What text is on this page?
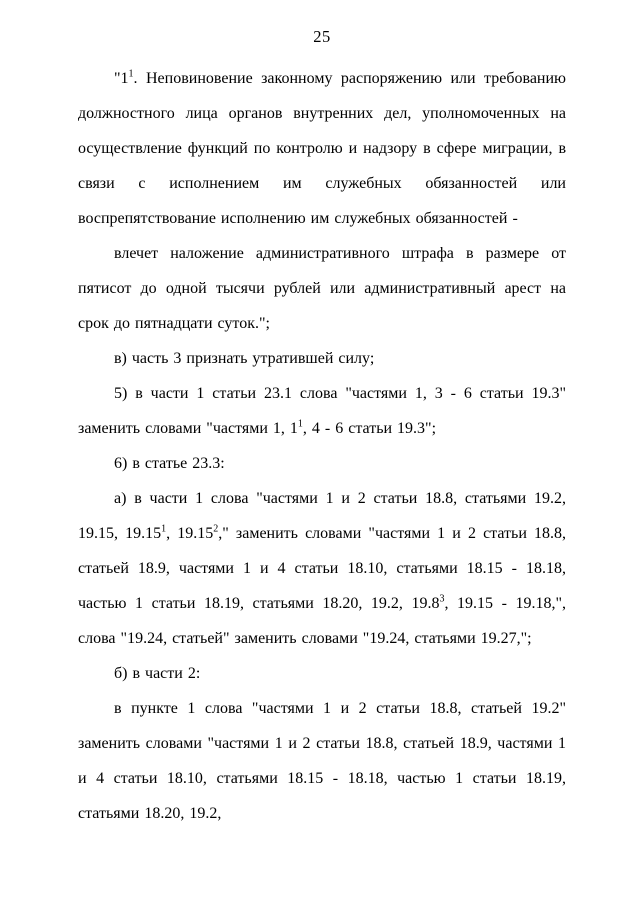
25

"$1^1$. Неповиновение законному распоряжению или требованию должностного лица органов внутренних дел, уполномоченных на осуществление функций по контролю и надзору в сфере миграции, в связи с исполнением им служебных обязанностей или воспрепятствование исполнению им служебных обязанностей -

влечет наложение административного штрафа в размере от пятисот до одной тысячи рублей или административный арест на срок до пятнадцати суток.";

в) часть 3 признать утратившей силу;

5) в части 1 статьи 23.1 слова "частями 1, 3 - 6 статьи 19.3" заменить словами "частями 1, $1^1$, 4 - 6 статьи 19.3";

6) в статье 23.3:

а) в части 1 слова "частями 1 и 2 статьи 18.8, статьями 19.2, 19.15, 19.15$^1$, 19.15$^2$," заменить словами "частями 1 и 2 статьи 18.8, статьей 18.9, частями 1 и 4 статьи 18.10, статьями 18.15 - 18.18, частью 1 статьи 18.19, статьями 18.20, 19.2, 19.8$^3$, 19.15 - 19.18,", слова "19.24, статьей" заменить словами "19.24, статьями 19.27,";

б) в части 2:

в пункте 1 слова "частями 1 и 2 статьи 18.8, статьей 19.2" заменить словами "частями 1 и 2 статьи 18.8, статьей 18.9, частями 1 и 4 статьи 18.10, статьями 18.15 - 18.18, частью 1 статьи 18.19, статьями 18.20, 19.2,
